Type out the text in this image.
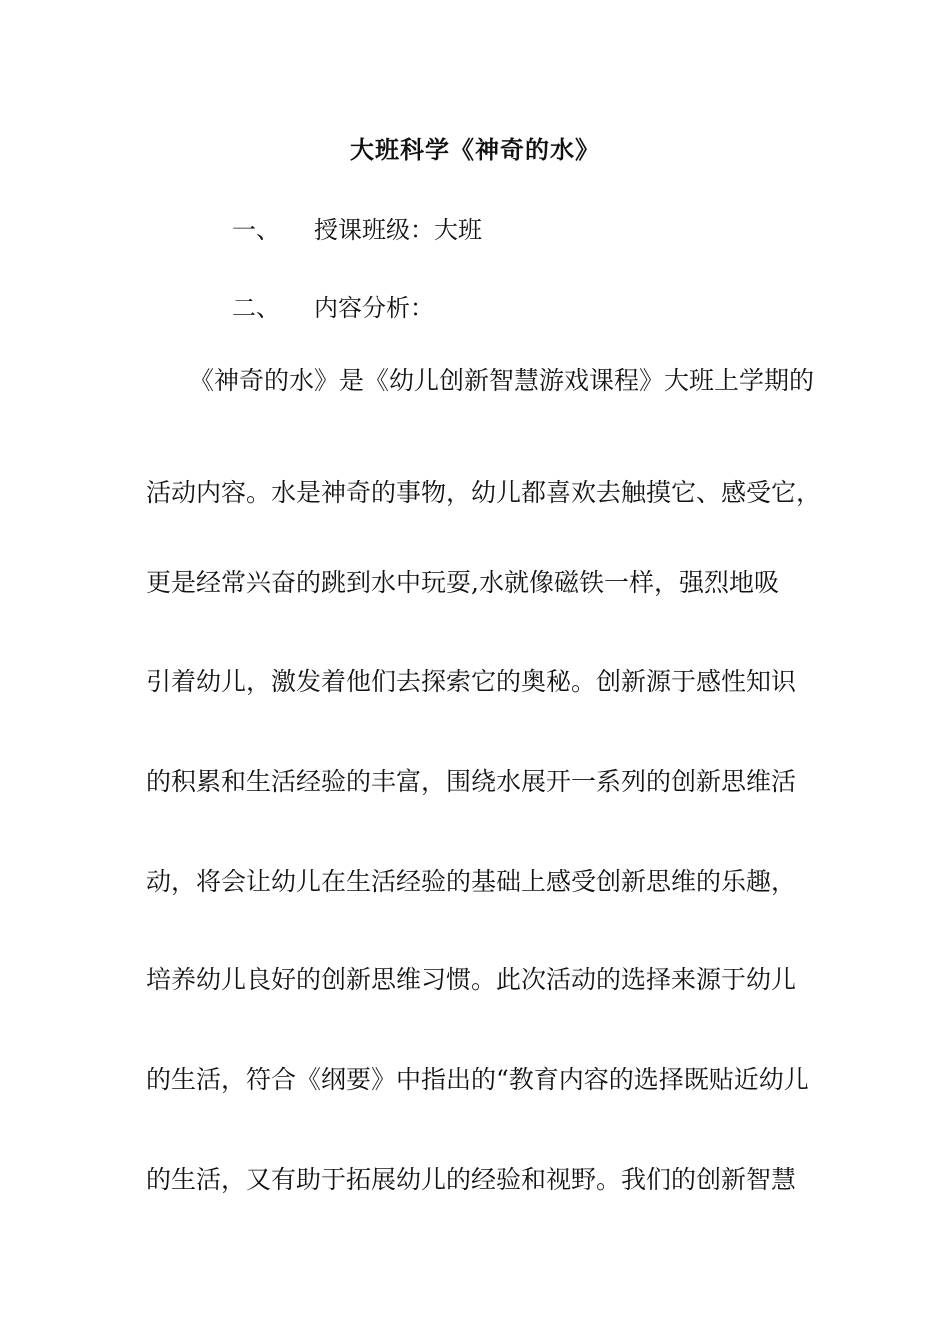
大班科学《神奇的水》
一、 授课班级：大班
二、 内容分析：
《神奇的水》是《幼儿创新智慧游戏课程》大班上学期的
活动内容。水是神奇的事物，幼儿都喜欢去触摸它、感受它，
更是经常兴奋的跳到水中玩耍,水就像磁铁一样，强烈地吸
引着幼儿，激发着他们去探索它的奥秘。创新源于感性知识
的积累和生活经验的丰富，围绕水展开一系列的创新思维活
动，将会让幼儿在生活经验的基础上感受创新思维的乐趣，
培养幼儿良好的创新思维习惯。此次活动的选择来源于幼儿
的生活，符合《纲要》中指出的“教育内容的选择既贴近幼儿
的生活，又有助于拓展幼儿的经验和视野。我们的创新智慧
